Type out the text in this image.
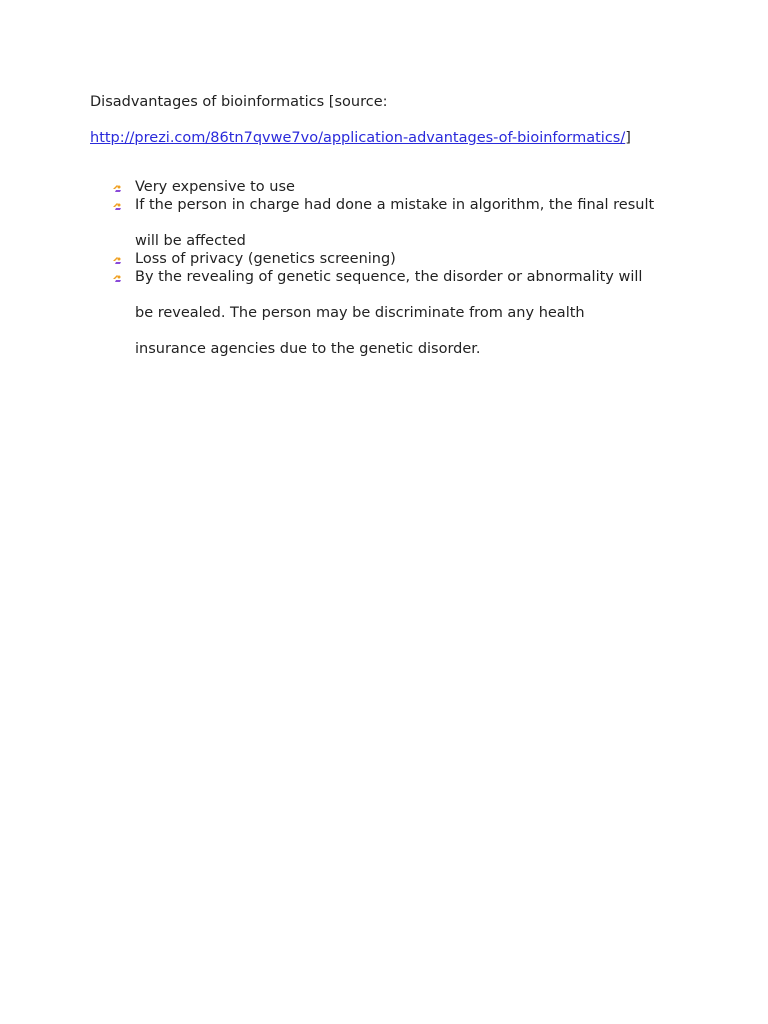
Disadvantages of bioinformatics [source:
http://prezi.com/86tn7qvwe7vo/application-advantages-of-bioinformatics/]
Very expensive to use
If the person in charge had done a mistake in algorithm, the final result
will be affected
Loss of privacy (genetics screening)
By the revealing of genetic sequence, the disorder or abnormality will
be revealed. The person may be discriminate from any health
insurance agencies due to the genetic disorder.
